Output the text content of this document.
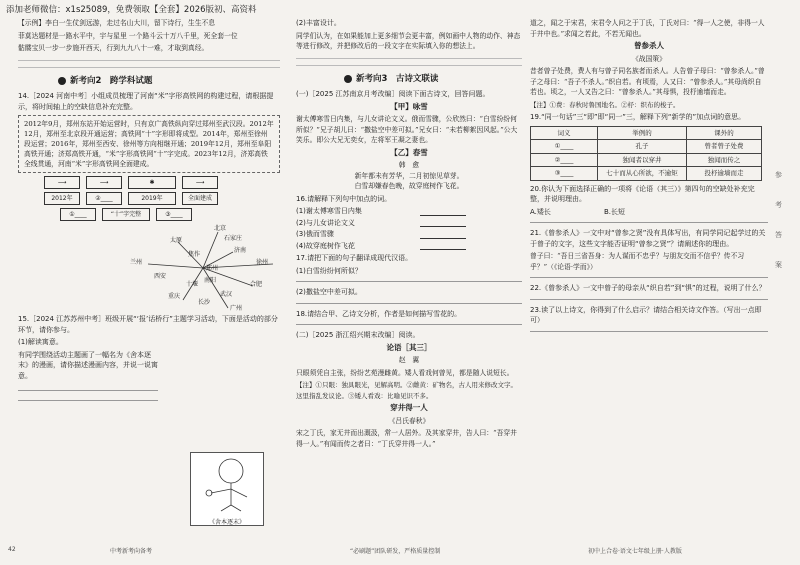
添加老师微信：x1s25089，免费领取【全套】2026版初、高资料
【示例】李白一生仗剑远游，走过名山大川，留下诗行，生生不息
菲莫达题材是一路水平中，宇与星里 一个路斗云十万八千里，死全套一位
骷髅宝贝一步一步施开西天，行到九九八十一难，才取到真经。
新考向2　跨学科试题
14.［2024 河南中考］小组成员梳理了河南“米”字形高铁网的构建过程，请根据提示，将时间轴上的空缺信息补充完整。
2012年9月，郑州东站开始运营时，只有京广高铁纵向穿过郑州至武汉段。2012年12月，郑州至北京段开通运营；高铁网“十”字形即将成型。2014年，郑州至徐州段运营；2016年，郑州至西安、徐州等方向相继开通；2019年12月，郑州至阜阳高铁开通；济郑高铁开通，“米”字形高铁网“十”字完成。2023年12月，济郑高铁全线贯通，河南“米”字形高铁网全面建成。
⟶	⟶	✱	⟶
2012年	②____	2019年	全面建成
①____	“十”字完整	③____
北京
太原	石家庄
济南
徐州
兰州
焦作
郑州
合肥
西安
十堰
南阳
武汉
重庆
长沙
广州
15.［2024 江苏苏州中考］班级开展“‘报’话桥行”主题学习活动，下面是活动的部分环节，请你参与。
(1)解读寓意。
有同学围绕活动主题画了一幅名为《舍本逐末》的漫画，请你描述漫画内容，并说一说寓意。
《舍本逐末》
42	中考新考向备考
(2)丰富设计。
同学们认为，在如果能加上更多细节会更丰富，例如画中人物的动作、神态等进行修改，并把修改后的一段文字在实际填入你的想法上。
新考向3　古诗文联读
(一)［2025 江苏南京月考改编］阅读下面古诗文，回答问题。
【甲】咏雪
谢太傅寒雪日内集，与儿女讲论文义。俄而雪骤，公欣然曰：“白雪纷纷何所似？”兄子胡儿曰：“撒盐空中差可拟。”兄女曰：“未若柳絮因风起。”公大笑乐。即公大兄无奕女，左将军王凝之妻也。
【乙】春雪
韩　愈
新年都未有芳华，二月初惊见草芽。
白雪却嫌春色晚，故穿庭树作飞花。
16.请解释下列句中加点的词。
(1)谢太傅寒雪日内集
(2)与儿女讲论文义
(3)俄而雪骤
(4)故穿庭树作飞花
17.请把下面的句子翻译成现代汉语。
(1)白雪纷纷何所似？
(2)撒盐空中差可拟。
18.请结合甲、乙诗文分析，作者是如何描写雪花的。
(二)［2025 浙江绍兴期末改编］阅读。
论语［其三］
赵　翼
只眼须凭自主张，纷纷艺苑漫雌黄。矮人看戏何曾见，都是随人说短长。
【注】①只眼：独具眼光，见解高明。②雌黄：矿物名，古人用来修改文字。这里指乱发议论。③矮人看戏：比喻见识不多。
穿井得一人
《吕氏春秋》
宋之丁氏，家无井而出溉汲，常一人居外。及其家穿井，告人曰：“吾穿井得一人。”有闻而传之者曰：“丁氏穿井得一人。”
“必刷题”团队研发，严格质量控制
道之，闻之于宋君，宋君令人问之于丁氏，丁氏对曰：“得一人之使，非得一人于井中也。”求闻之若此，不若无闻也。
曾参杀人
《战国策》
昔者曾子处费，费人有与曾子同名族者而杀人。人告曾子母曰：“曾参杀人。”曾子之母曰：“吾子不杀人。”织自若。有顷焉，人又曰：“曾参杀人。”其母尚织自若也。顷之，一人又告之曰：“曾参杀人。”其母惧，投杼逾墙而走。
【注】①费：春秋时鲁国地名。②杼：织布的梭子。
19.“同一句话”三“即”即“同一”三，解释下列“新学的”加点词的意思。
词义	举例的	课外的
①____	孔子	曾者曾子处费
②____	独闻者以穿井	独闻而传之
③____	七十而从心所欲，不逾矩	投杼逾墙而走
20.你认为下面选择正确的一项将《论语（其三）》第四句的空缺处补充完整，并说明理由。
A.矮长	B.长短
21.《曾参杀人》一文中对“曾参之贤”没有具体写出，有同学同记起学过的关于曾子的文字，这些文字能否证明“曾参之贤”？请阐述你的理由。
曾子曰：“吾日三省吾身：为人谋而不忠乎？与朋友交而不信乎？传不习乎？”（《论语·学而》）
22.《曾参杀人》一文中曾子的母亲从“织自若”到“惧”的过程，说明了什么？
23.读了以上诗文，你得到了什么启示？请结合相关诗文作答。（写出一点即可）
初中上合卷·语文七年级上册·人教版
参
考
答
案
